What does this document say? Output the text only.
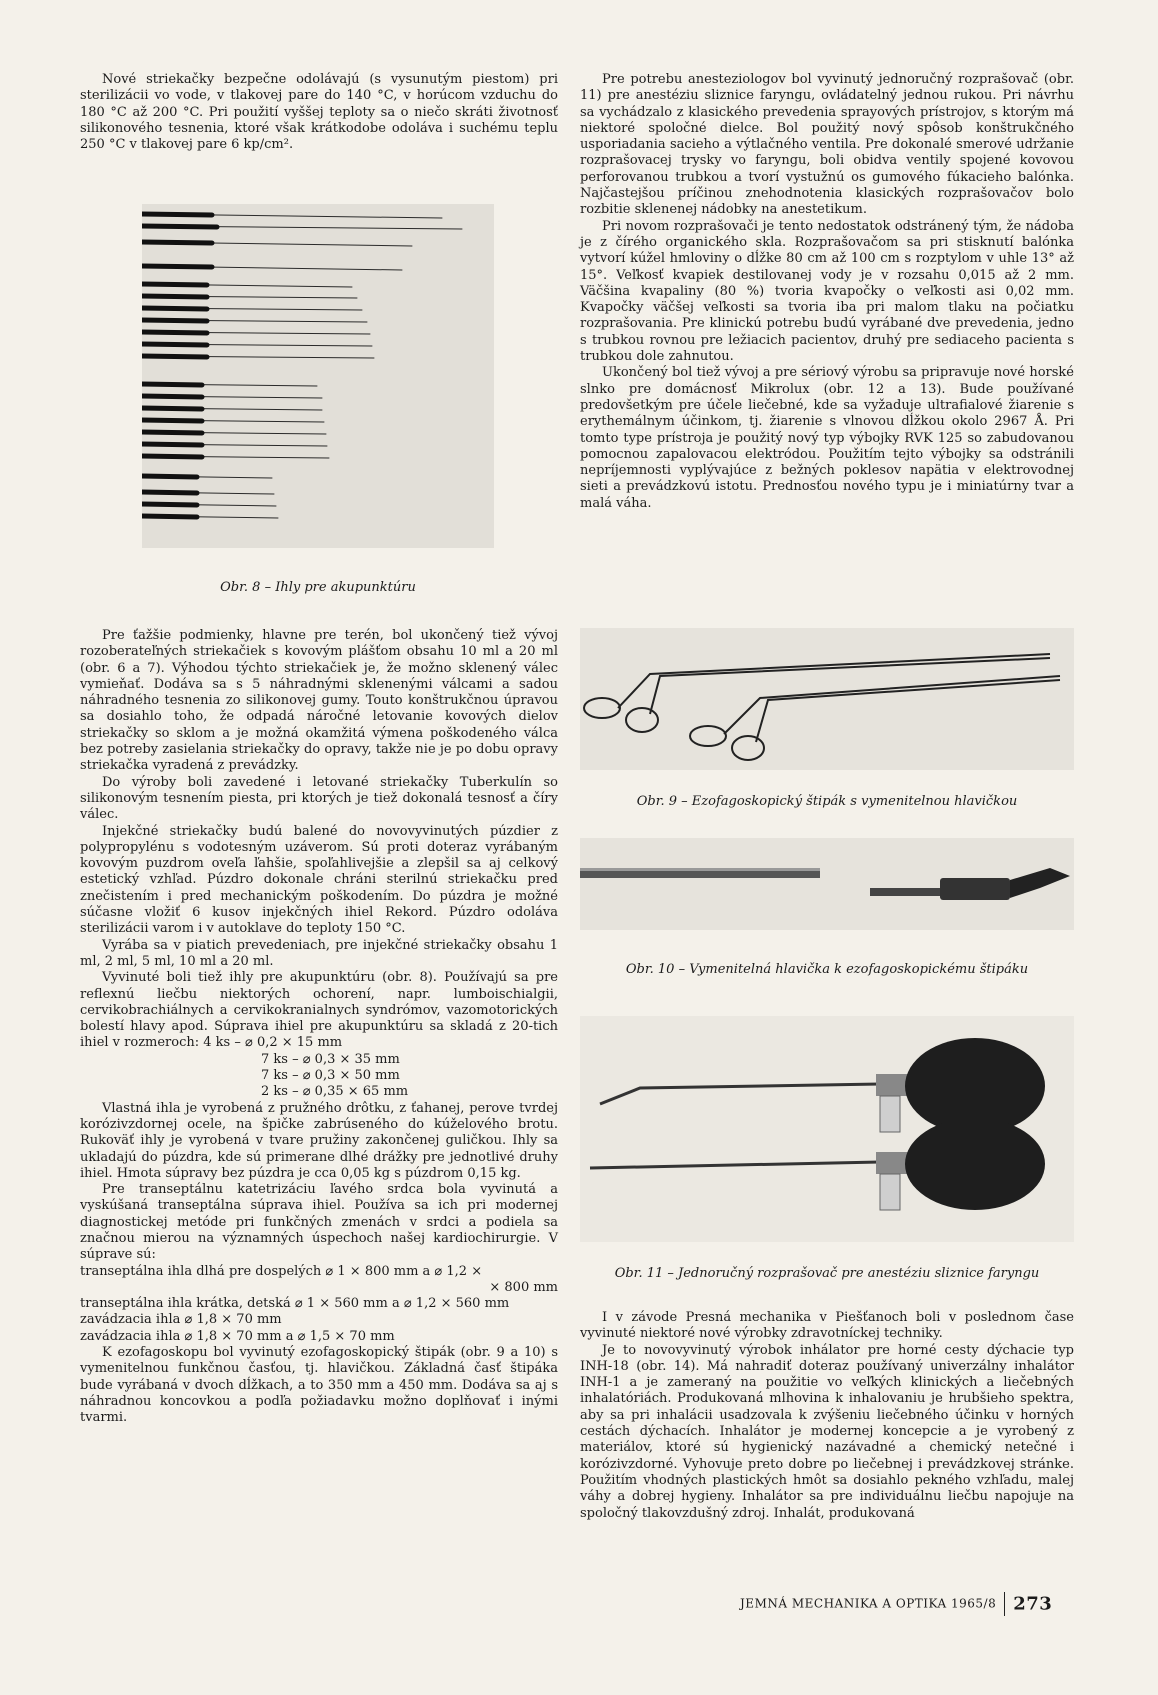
Nové striekačky bezpečne odolávajú (s vysunutým piestom) pri sterilizácii vo vode, v tlakovej pare do 140 °C, v horúcom vzduchu do 180 °C až 200 °C. Pri použití vyššej teploty sa o niečo skráti životnosť silikonového tesnenia, ktoré však krátkodobe odoláva i suchému teplu 250 °C v tlakovej pare 6 kp/cm².

Obr. 8 – Ihly pre akupunktúru

Pre ťažšie podmienky, hlavne pre terén, bol ukončený tiež vývoj rozoberateľných striekačiek s kovovým plášťom obsahu 10 ml a 20 ml (obr. 6 a 7). Výhodou týchto striekačiek je, že možno sklenený válec vymieňať. Dodáva sa s 5 náhradnými sklenenými válcami a sadou náhradného tesnenia zo silikonovej gumy. Touto konštrukčnou úpravou sa dosiahlo toho, že odpadá náročné letovanie kovových dielov striekačky so sklom a je možná okamžitá výmena poškodeného válca bez potreby zasielania striekačky do opravy, takže nie je po dobu opravy striekačka vyradená z prevádzky.

Do výroby boli zavedené i letované striekačky Tuberkulín so silikonovým tesnením piesta, pri ktorých je tiež dokonalá tesnosť a číry válec.

Injekčné striekačky budú balené do novovyvinutých púzdier z polypropylénu s vodotesným uzáverom. Sú proti doteraz vyrábaným kovovým puzdrom oveľa ľahšie, spoľahlivejšie a zlepšil sa aj celkový estetický vzhľad. Púzdro dokonale chráni sterilnú striekačku pred znečistením i pred mechanickým poškodením. Do púzdra je možné súčasne vložiť 6 kusov injekčných ihiel Rekord. Púzdro odoláva sterilizácii varom i v autoklave do teploty 150 °C.

Vyrába sa v piatich prevedeniach, pre injekčné striekačky obsahu 1 ml, 2 ml, 5 ml, 10 ml a 20 ml.

Vyvinuté boli tiež ihly pre akupunktúru (obr. 8). Používajú sa pre reflexnú liečbu niektorých ochorení, napr. lumboischialgii, cervikobrachiálnych a cervikokranialnych syndrómov, vazomotorických bolestí hlavy apod. Súprava ihiel pre akupunktúru sa skladá z 20-tich ihiel v rozmeroch: 4 ks – ⌀ 0,2 × 15 mm

7 ks – ⌀ 0,3 × 35 mm
7 ks – ⌀ 0,3 × 50 mm
2 ks – ⌀ 0,35 × 65 mm

Vlastná ihla je vyrobená z pružného drôtku, z ťahanej, perove tvrdej korózivzdornej ocele, na špičke zabrúseného do kúželového brotu. Rukoväť ihly je vyrobená v tvare pružiny zakončenej guličkou. Ihly sa ukladajú do púzdra, kde sú primerane dlhé drážky pre jednotlivé druhy ihiel. Hmota súpravy bez púzdra je cca 0,05 kg s púzdrom 0,15 kg.

Pre transeptálnu katetrizáciu ľavého srdca bola vyvinutá a vyskúšaná transeptálna súprava ihiel. Používa sa ich pri modernej diagnostickej metóde pri funkčných zmenách v srdci a podiela sa značnou mierou na významných úspechoch našej kardiochirurgie. V súprave sú:

transeptálna ihla dlhá pre dospelých ⌀ 1 × 800 mm a ⌀ 1,2 ×

× 800 mm

transeptálna ihla krátka, detská ⌀ 1 × 560 mm a ⌀ 1,2 × 560 mm

zavádzacia ihla ⌀ 1,8 × 70 mm

zavádzacia ihla ⌀ 1,8 × 70 mm a ⌀ 1,5 × 70 mm

K ezofagoskopu bol vyvinutý ezofagoskopický štipák (obr. 9 a 10) s vymenitelnou funkčnou časťou, tj. hlavičkou. Základná časť štipáka bude vyrábaná v dvoch dĺžkach, a to 350 mm a 450 mm. Dodáva sa aj s náhradnou koncovkou a podľa požiadavku možno doplňovať i inými tvarmi.

Pre potrebu anesteziologov bol vyvinutý jednoručný rozprašovač (obr. 11) pre anestéziu sliznice faryngu, ovládatelný jednou rukou. Pri návrhu sa vychádzalo z klasického prevedenia sprayových prístrojov, s ktorým má niektoré spoločné dielce. Bol použitý nový spôsob konštrukčného usporiadania sacieho a výtlačného ventila. Pre dokonalé smerové udržanie rozprašovacej trysky vo faryngu, boli obidva ventily spojené kovovou perforovanou trubkou a tvorí vystužnú os gumového fúkacieho balónka. Najčastejšou príčinou znehodnotenia klasických rozprašovačov bolo rozbitie sklenenej nádobky na anestetikum.

Pri novom rozprašovači je tento nedostatok odstránený tým, že nádoba je z čírého organického skla. Rozprašovačom sa pri stisknutí balónka vytvorí kúžel hmloviny o dĺžke 80 cm až 100 cm s rozptylom v uhle 13° až 15°. Veľkosť kvapiek destilovanej vody je v rozsahu 0,015 až 2 mm. Väčšina kvapaliny (80 %) tvoria kvapočky o veľkosti asi 0,02 mm. Kvapočky väčšej veľkosti sa tvoria iba pri malom tlaku na počiatku rozprašovania. Pre klinickú potrebu budú vyrábané dve prevedenia, jedno s trubkou rovnou pre ležiacich pacientov, druhý pre sediaceho pacienta s trubkou dole zahnutou.

Ukončený bol tiež vývoj a pre sériový výrobu sa pripravuje nové horské slnko pre domácnosť Mikrolux (obr. 12 a 13). Bude používané predovšetkým pre účele liečebné, kde sa vyžaduje ultrafialové žiarenie s erythemálnym účinkom, tj. žiarenie s vlnovou dĺžkou okolo 2967 Å. Pri tomto type prístroja je použitý nový typ výbojky RVK 125 so zabudovanou pomocnou zapalovacou elektródou. Použitím tejto výbojky sa odstránili nepríjemnosti vyplývajúce z bežných poklesov napätia v elektrovodnej sieti a prevádzkovú istotu. Prednosťou nového typu je i miniatúrny tvar a malá váha.

Obr. 9 – Ezofagoskopický štipák s vymenitelnou hlavičkou
Obr. 10 – Vymenitelná hlavička k ezofagoskopickému štipáku
Obr. 11 – Jednoručný rozprašovač pre anestéziu sliznice faryngu

I v závode Presná mechanika v Piešťanoch boli v poslednom čase vyvinuté niektoré nové výrobky zdravotníckej techniky.

Je to novovyvinutý výrobok inhálator pre horné cesty dýchacie typ INH-18 (obr. 14). Má nahradiť doteraz používaný univerzálny inhalátor INH-1 a je zameraný na použitie vo veľkých klinických a liečebných inhalatóriách. Produkovaná mlhovina k inhalovaniu je hrubšieho spektra, aby sa pri inhalácii usadzovala k zvýšeniu liečebného účinku v horných cestách dýchacích. Inhalátor je modernej koncepcie a je vyrobený z materiálov, ktoré sú hygienický nazávadné a chemický netečné i korózivzdorné. Vyhovuje preto dobre po liečebnej i prevádzkovej stránke. Použitím vhodných plastických hmôt sa dosiahlo pekného vzhľadu, malej váhy a dobrej hygieny. Inhalátor sa pre individuálnu liečbu napojuje na spoločný tlakovzdušný zdroj. Inhalát, produkovaná

JEMNÁ MECHANIKA A OPTIKA 1965/8 273
